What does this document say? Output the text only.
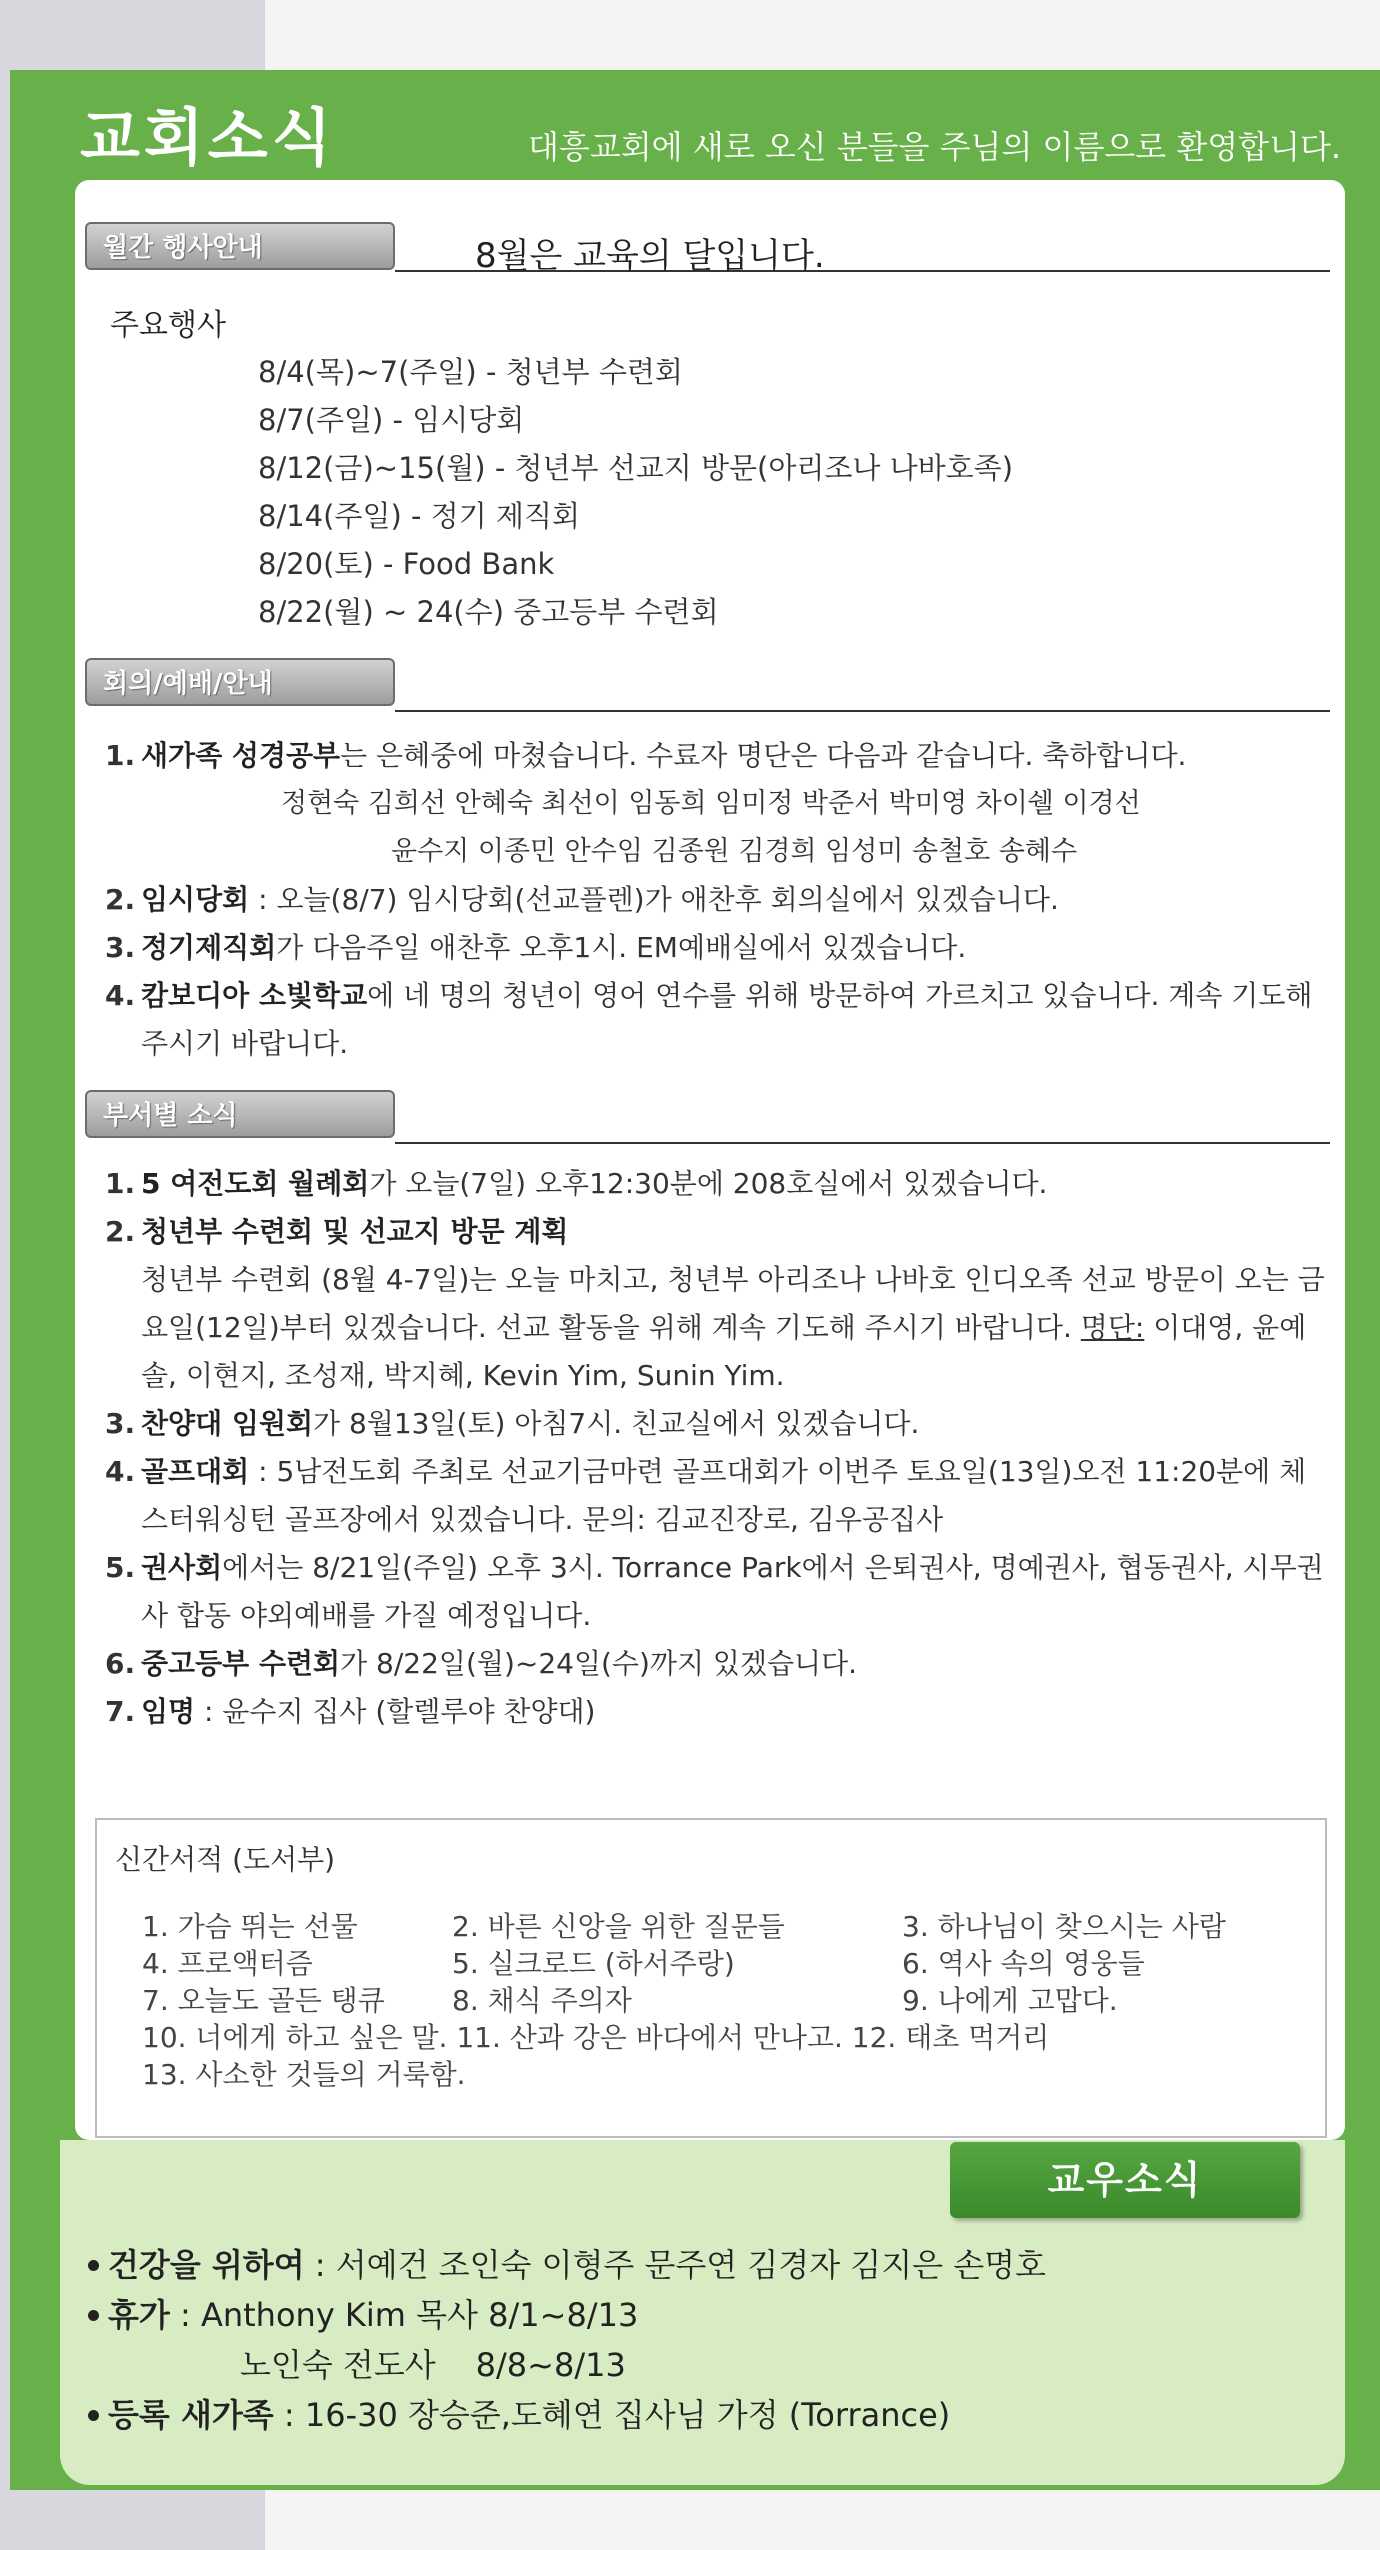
교회소식	대흥교회에 새로 오신 분들을 주님의 이름으로 환영합니다.
월간 행사안내	8월은 교육의 달입니다.
주요행사
8/4(목)~7(주일) - 청년부 수련회
8/7(주일) - 임시당회
8/12(금)~15(월) - 청년부 선교지 방문(아리조나 나바호족)
8/14(주일) - 정기 제직회
8/20(토) - Food Bank
8/22(월) ~ 24(수) 중고등부 수련회
회의/예배/안내
1. 새가족 성경공부는 은혜중에 마쳤습니다. 수료자 명단은 다음과 같습니다. 축하합니다.
정현숙 김희선 안혜숙 최선이 임동희 임미정 박준서 박미영 차이쉘 이경선
윤수지 이종민 안수임 김종원 김경희 임성미 송철호 송혜수
2. 임시당회 : 오늘(8/7) 임시당회(선교플렌)가 애찬후 회의실에서 있겠습니다.
3. 정기제직회가 다음주일 애찬후 오후1시. EM예배실에서 있겠습니다.
4. 캄보디아 소빛학교에 네 명의 청년이 영어 연수를 위해 방문하여 가르치고 있습니다. 계속 기도해 주시기 바랍니다.
부서별 소식
1. 5 여전도회 월례회가 오늘(7일) 오후12:30분에 208호실에서 있겠습니다.
2. 청년부 수련회 및 선교지 방문 계획
청년부 수련회 (8월 4-7일)는 오늘 마치고, 청년부 아리조나 나바호 인디오족 선교 방문이 오는 금요일(12일)부터 있겠습니다. 선교 활동을 위해 계속 기도해 주시기 바랍니다. 명단: 이대영, 윤예솔, 이현지, 조성재, 박지혜, Kevin Yim, Sunin Yim.
3. 찬양대 임원회가 8월13일(토) 아침7시. 친교실에서 있겠습니다.
4. 골프대회 : 5남전도회 주최로 선교기금마련 골프대회가 이번주 토요일(13일)오전 11:20분에 체스터워싱턴 골프장에서 있겠습니다. 문의: 김교진장로, 김우공집사
5. 권사회에서는 8/21일(주일) 오후 3시. Torrance Park에서 은퇴권사, 명예권사, 협동권사, 시무권사 합동 야외예배를 가질 예정입니다.
6. 중고등부 수련회가 8/22일(월)~24일(수)까지 있겠습니다.
7. 임명 : 윤수지 집사 (할렐루야 찬양대)
신간서적 (도서부)
1. 가슴 뛰는 선물	2. 바른 신앙을 위한 질문들	3. 하나님이 찾으시는 사람
4. 프로액터즘	5. 실크로드 (하서주랑)	6. 역사 속의 영웅들
7. 오늘도 골든 탱큐	8. 채식 주의자	9. 나에게 고맙다.
10. 너에게 하고 싶은 말. 11. 산과 강은 바다에서 만나고. 12. 태초 먹거리
13. 사소한 것들의 거룩함.
교우소식
건강을 위하여 : 서예건 조인숙 이형주 문주연 김경자 김지은 손명호
휴가 : Anthony Kim 목사 8/1~8/13
노인숙 전도사 8/8~8/13
등록 새가족 : 16-30 장승준,도혜연 집사님 가정 (Torrance)
